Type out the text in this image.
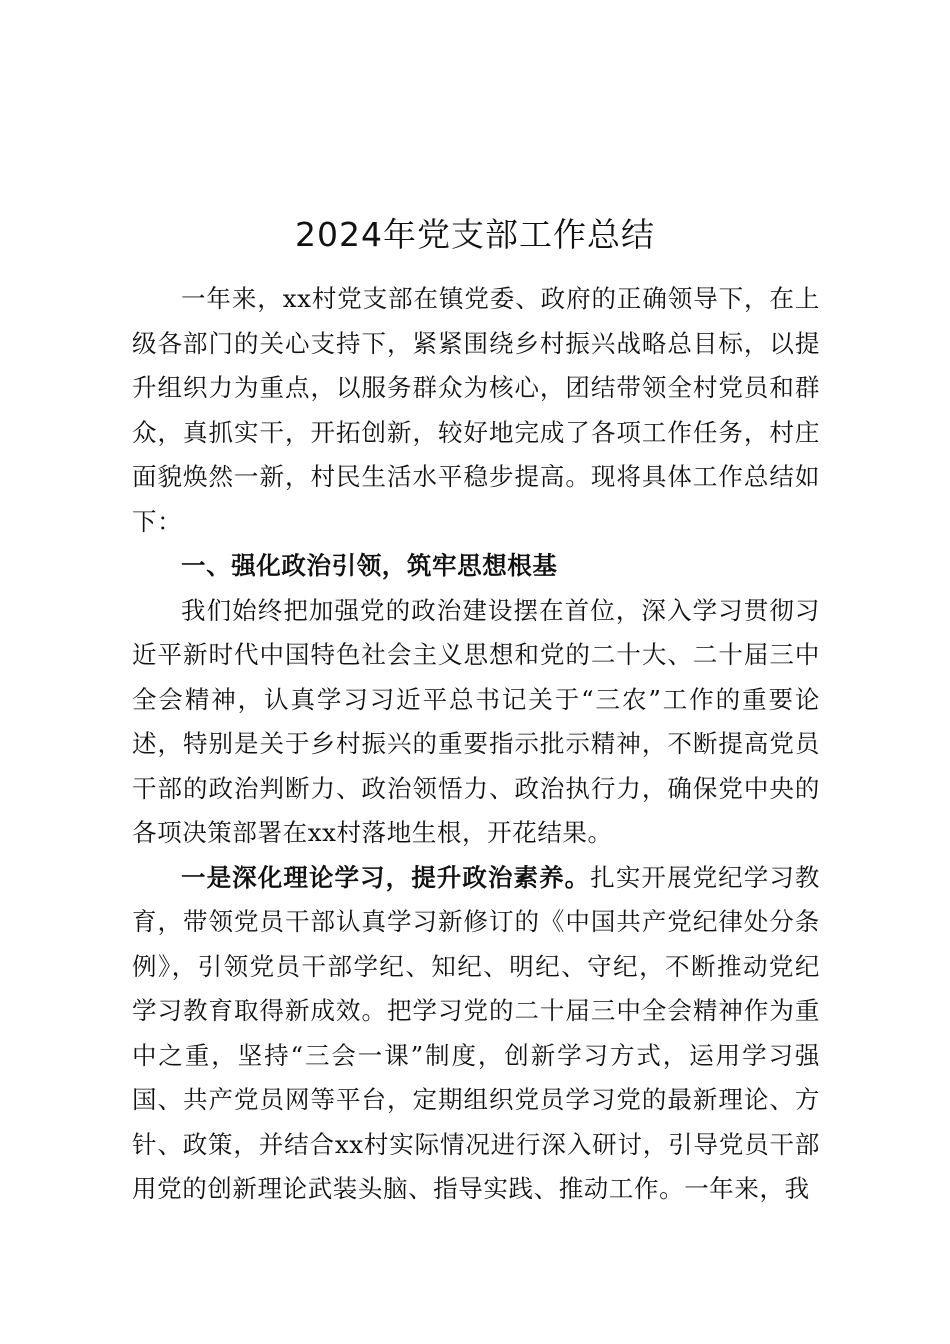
2024年党支部工作总结

一年来，xx村党支部在镇党委、政府的正确领导下，在上级各部门的关心支持下，紧紧围绕乡村振兴战略总目标，以提升组织力为重点，以服务群众为核心，团结带领全村党员和群众，真抓实干，开拓创新，较好地完成了各项工作任务，村庄面貌焕然一新，村民生活水平稳步提高。现将具体工作总结如下：

一、强化政治引领，筑牢思想根基

我们始终把加强党的政治建设摆在首位，深入学习贯彻习近平新时代中国特色社会主义思想和党的二十大、二十届三中全会精神，认真学习习近平总书记关于“三农”工作的重要论述，特别是关于乡村振兴的重要指示批示精神，不断提高党员干部的政治判断力、政治领悟力、政治执行力，确保党中央的各项决策部署在xx村落地生根，开花结果。

一是深化理论学习，提升政治素养。扎实开展党纪学习教育，带领党员干部认真学习新修订的《中国共产党纪律处分条例》，引领党员干部学纪、知纪、明纪、守纪，不断推动党纪学习教育取得新成效。把学习党的二十届三中全会精神作为重中之重，坚持“三会一课”制度，创新学习方式，运用学习强国、共产党员网等平台，定期组织党员学习党的最新理论、方针、政策，并结合xx村实际情况进行深入研讨，引导党员干部用党的创新理论武装头脑、指导实践、推动工作。一年来，我
